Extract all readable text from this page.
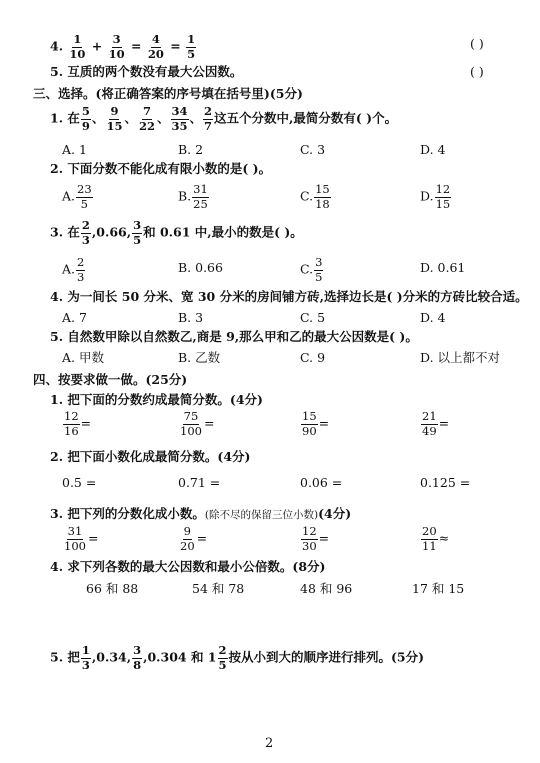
4. $\frac{1}{10} + \frac{3}{10} = \frac{4}{20} = \frac{1}{5}$	( )
5. 互质的两个数没有最大公因数。	( )
三、选择。(将正确答案的序号填在括号里)(5分)
1. 在 $\frac{5}{9}$ 、 $\frac{9}{15}$ 、 $\frac{7}{22}$ 、 $\frac{34}{35}$ 、 $\frac{2}{7}$ 这五个分数中,最简分数有( )个。
A. 1	B. 2	C. 3	D. 4
2. 下面分数不能化成有限小数的是( )。
A. $\frac{23}{5}$	B. $\frac{31}{25}$	C. $\frac{15}{18}$	D. $\frac{12}{15}$
3. 在 $\frac{2}{3} ,0.66$, $\frac{3}{5}$ 和 0.61 中,最小的数是( )。
A. $\frac{2}{3}$	B. 0.66	C. $\frac{3}{5}$	D. 0.61
4. 为一间长 50 分米、宽 30 分米的房间铺方砖,选择边长是( )分米的方砖比较合适。
A. 7	B. 3	C. 5	D. 4
5. 自然数甲除以自然数乙,商是 9,那么甲和乙的最大公因数是( )。
A. 甲数	B. 乙数	C. 9	D. 以上都不对
四、按要求做一做。(25分)
1. 把下面的分数约成最简分数。(4分)
$\frac{12}{16}$ =	$\frac{75}{100}$ =	$\frac{15}{90}$ =	$\frac{21}{49}$ =
2. 把下面小数化成最简分数。(4分)
0.5 =	0.71 =	0.06 =	0.125 =
3. 把下列的分数化成小数。(除不尽的保留三位小数)(4分)
$\frac{31}{100}$ =	$\frac{9}{20}$ =	$\frac{12}{30}$ =	$\frac{20}{11}$ ≈
4. 求下列各数的最大公因数和最小公倍数。(8分)
66 和 88	54 和 78	48 和 96	17 和 15
5. 把 $\frac{1}{3} ,0.34$, $\frac{3}{8} ,0.304$ 和 $1 \frac{2}{5}$ 按从小到大的顺序进行排列。(5分)
2
